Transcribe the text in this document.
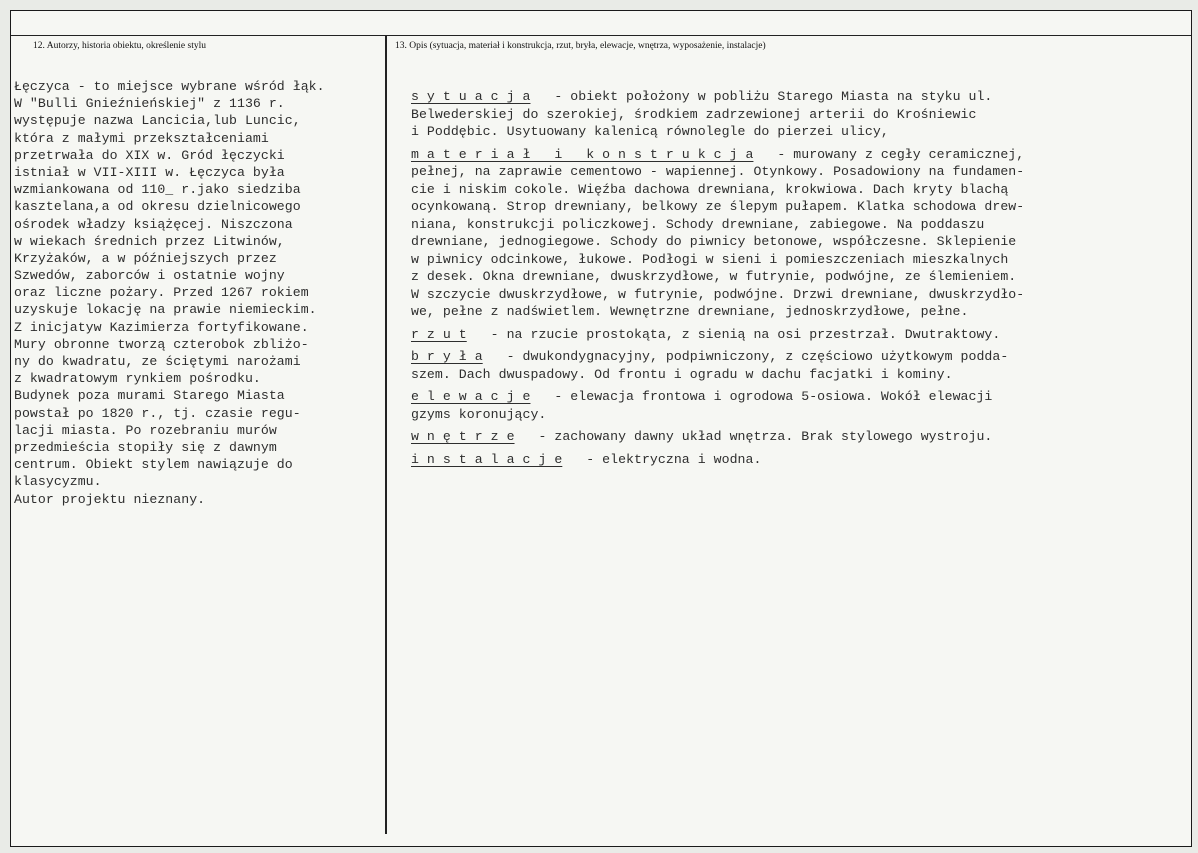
12. Autorzy, historia obiektu, określenie stylu	13. Opis (sytuacja, materiał i konstrukcja, rzut, bryła, elewacje, wnętrza, wyposażenie, instalacje)
Łęczyca - to miejsce wybrane wśród łąk.
W "Bulli Gnieźnieńskiej" z 1136 r.
występuje nazwa Lancicia,lub Luncic,
która z małymi przekształceniami
przetrwała do XIX w. Gród łęczycki
istniał w VII-XIII w. Łęczyca była
wzmiankowana od 110_ r.jako siedziba
kasztelana,a od okresu dzielnicowego
ośrodek władzy książęcej. Niszczona
w wiekach średnich przez Litwinów,
Krzyżaków, a w późniejszych przez
Szwedów, zaborców i ostatnie wojny
oraz liczne pożary. Przed 1267 rokiem
uzyskuje lokację na prawie niemieckim.
Z inicjatyw Kazimierza fortyfikowane.
Mury obronne tworzą czterobok zbliżo-
ny do kwadratu, ze ściętymi narożami
z kwadratowym rynkiem pośrodku.
Budynek poza murami Starego Miasta
powstał po 1820 r., tj. czasie regu-
lacji miasta. Po rozebraniu murów
przedmieścia stopiły się z dawnym
centrum. Obiekt stylem nawiązuje do
klasycyzmu.
Autor projektu nieznany.
s y t u a c j a - obiekt położony w pobliżu Starego Miasta na styku ul.
Belwederskiej do szerokiej, środkiem zadrzewionej arterii do Krośniewic
i Poddębic. Usytuowany kalenicą równolegle do pierzei ulicy,
m a t e r i a ł   i   k o n s t r u k c j a - murowany z cegły ceramicznej,
pełnej, na zaprawie cementowo - wapiennej. Otynkowy. Posadowiony na fundamen-
cie i niskim cokole. Więźba dachowa drewniana, krokwiowa. Dach kryty blachą
ocynkowaną. Strop drewniany, belkowy ze ślepym pułapem. Klatka schodowa drew-
niana, konstrukcji policzkowej. Schody drewniane, zabiegowe. Na poddaszu
drewniane, jednogiegowe. Schody do piwnicy betonowe, współczesne. Sklepienie
w piwnicy odcinkowe, łukowe. Podłogi w sieni i pomieszczeniach mieszkalnych
z desek. Okna drewniane, dwuskrzydłowe, w futrynie, podwójne, ze ślemieniem.
W szczycie dwuskrzydłowe, w futrynie, podwójne. Drzwi drewniane, dwuskrzydło-
we, pełne z nadświetlem. Wewnętrzne drewniane, jednoskrzydłowe, pełne.
r z u t - na rzucie prostokąta, z sienią na osi przestrzał. Dwutraktowy.
b r y ł a - dwukondygnacyjny, podpiwniczony, z częściowo użytkowym podda-
szem. Dach dwuspadowy. Od frontu i ogradu w dachu facjatki i kominy.
e l e w a c j e - elewacja frontowa i ogrodowa 5-osiowa. Wokół elewacji
gzyms koronujący.
w n ę t r z e - zachowany dawny układ wnętrza. Brak stylowego wystroju.
i n s t a l a c j e - elektryczna i wodna.
